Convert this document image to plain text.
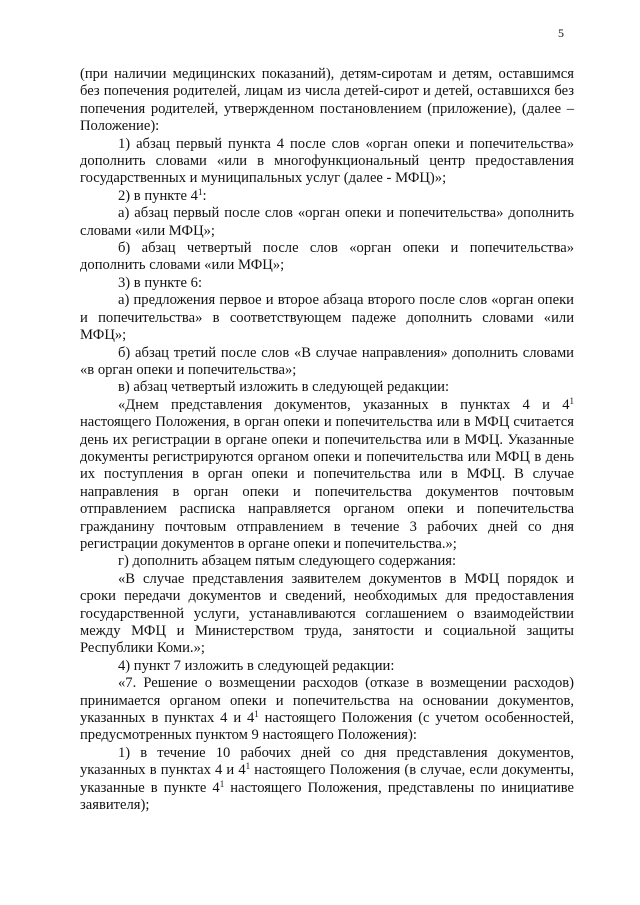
5

(при наличии медицинских показаний), детям-сиротам и детям, оставшимся без попечения родителей, лицам из числа детей-сирот и детей, оставшихся без попечения родителей, утвержденном постановлением (приложение), (далее – Положение):

1) абзац первый пункта 4 после слов «орган опеки и попечительства» дополнить словами «или в многофункциональный центр предоставления государственных и муниципальных услуг (далее - МФЦ)»;

2) в пункте $4^1$:

а) абзац первый после слов «орган опеки и попечительства» дополнить словами «или МФЦ»;

б) абзац четвертый после слов «орган опеки и попечительства» дополнить словами «или МФЦ»;

3) в пункте 6:

а) предложения первое и второе абзаца второго после слов «орган опеки и попечительства» в соответствующем падеже дополнить словами «или МФЦ»;

б) абзац третий после слов «В случае направления» дополнить словами «в орган опеки и попечительства»;

в) абзац четвертый изложить в следующей редакции:

«Днем представления документов, указанных в пунктах 4 и $4^1$ настоящего Положения, в орган опеки и попечительства или в МФЦ считается день их регистрации в органе опеки и попечительства или в МФЦ. Указанные документы регистрируются органом опеки и попечительства или МФЦ в день их поступления в орган опеки и попечительства или в МФЦ. В случае направления в орган опеки и попечительства документов почтовым отправлением расписка направляется органом опеки и попечительства гражданину почтовым отправлением в течение 3 рабочих дней со дня регистрации документов в органе опеки и попечительства.»;

г) дополнить абзацем пятым следующего содержания:

«В случае представления заявителем документов в МФЦ порядок и сроки передачи документов и сведений, необходимых для предоставления государственной услуги, устанавливаются соглашением о взаимодействии между МФЦ и Министерством труда, занятости и социальной защиты Республики Коми.»;

4) пункт 7 изложить в следующей редакции:

«7. Решение о возмещении расходов (отказе в возмещении расходов) принимается органом опеки и попечительства на основании документов, указанных в пунктах 4 и $4^1$ настоящего Положения (с учетом особенностей, предусмотренных пунктом 9 настоящего Положения):

1) в течение 10 рабочих дней со дня представления документов, указанных в пунктах 4 и $4^1$ настоящего Положения (в случае, если документы, указанные в пункте $4^1$ настоящего Положения, представлены по инициативе заявителя);
